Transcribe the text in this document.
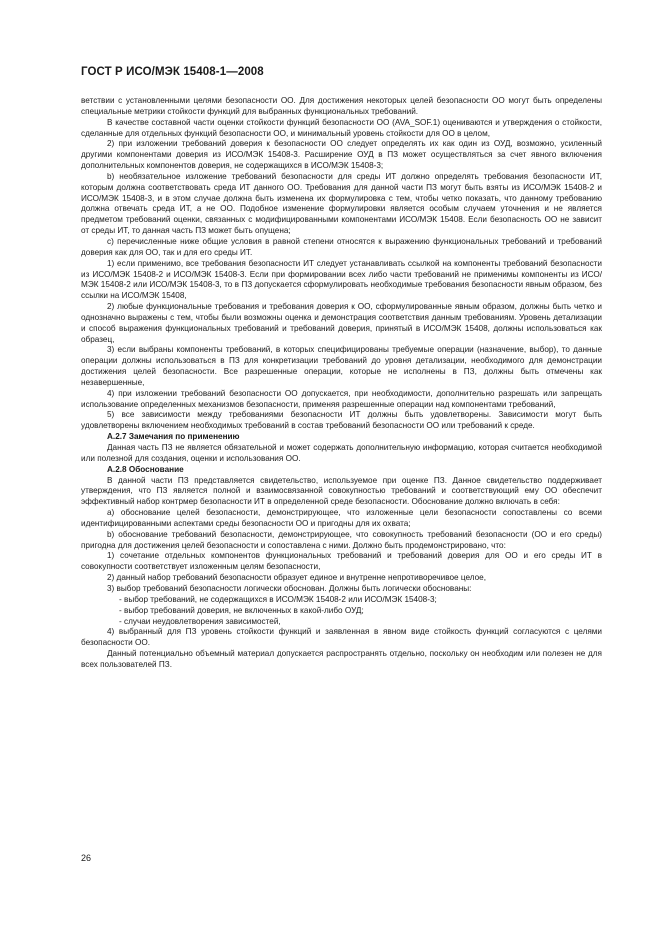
ГОСТ Р ИСО/МЭК 15408-1—2008

ветствии с установленными целями безопасности ОО. Для достижения некоторых целей безопасности ОО могут быть определены специальные метрики стойкости функций для выбранных функциональных требований.

В качестве составной части оценки стойкости функций безопасности ОО (AVA_SOF.1) оцениваются и утверждения о стойкости, сделанные для отдельных функций безопасности ОО, и минимальный уровень стойкости для ОО в целом,

2) при изложении требований доверия к безопасности ОО следует определять их как один из ОУД, возможно, усиленный другими компонентами доверия из ИСО/МЭК 15408-3. Расширение ОУД в ПЗ может осуществляться за счет явного включения дополнительных компонентов доверия, не содержащихся в ИСО/МЭК 15408-3;

b) необязательное изложение требований безопасности для среды ИТ должно определять требования безопасности ИТ, которым должна соответствовать среда ИТ данного ОО. Требования для данной части ПЗ могут быть взяты из ИСО/МЭК 15408-2 и ИСО/МЭК 15408-3, и в этом случае должна быть изменена их формулировка с тем, чтобы четко показать, что данному требованию должна отвечать среда ИТ, а не ОО. Подобное изменение формулировки является особым случаем уточнения и не является предметом требований оценки, связанных с модифицированными компонентами ИСО/МЭК 15408. Если безопасность ОО не зависит от среды ИТ, то данная часть ПЗ может быть опущена;

c) перечисленные ниже общие условия в равной степени относятся к выражению функциональных требований и требований доверия как для ОО, так и для его среды ИТ.

1) если применимо, все требования безопасности ИТ следует устанавливать ссылкой на компоненты требований безопасности из ИСО/МЭК 15408-2 и ИСО/МЭК 15408-3. Если при формировании всех либо части требований не применимы компоненты из ИСО/МЭК 15408-2 или ИСО/МЭК 15408-3, то в ПЗ допускается сформулировать необходимые требования безопасности явным образом, без ссылки на ИСО/МЭК 15408,

2) любые функциональные требования и требования доверия к ОО, сформулированные явным образом, должны быть четко и однозначно выражены с тем, чтобы были возможны оценка и демонстрация соответствия данным требованиям. Уровень детализации и способ выражения функциональных требований и требований доверия, принятый в ИСО/МЭК 15408, должны использоваться как образец,

3) если выбраны компоненты требований, в которых специфицированы требуемые операции (назначение, выбор), то данные операции должны использоваться в ПЗ для конкретизации требований до уровня детализации, необходимого для демонстрации достижения целей безопасности. Все разрешенные операции, которые не исполнены в ПЗ, должны быть отмечены как незавершенные,

4) при изложении требований безопасности ОО допускается, при необходимости, дополнительно разрешать или запрещать использование определенных механизмов безопасности, применяя разрешенные операции над компонентами требований,

5) все зависимости между требованиями безопасности ИТ должны быть удовлетворены. Зависимости могут быть удовлетворены включением необходимых требований в состав требований безопасности ОО или требований к среде.

А.2.7 Замечания по применению

Данная часть ПЗ не является обязательной и может содержать дополнительную информацию, которая считается необходимой или полезной для создания, оценки и использования ОО.

А.2.8 Обоснование

В данной части ПЗ представляется свидетельство, используемое при оценке ПЗ. Данное свидетельство поддерживает утверждения, что ПЗ является полной и взаимосвязанной совокупностью требований и соответствующий ему ОО обеспечит эффективный набор контрмер безопасности ИТ в определенной среде безопасности. Обоснование должно включать в себя:

a) обоснование целей безопасности, демонстрирующее, что изложенные цели безопасности сопоставлены со всеми идентифицированными аспектами среды безопасности ОО и пригодны для их охвата;

b) обоснование требований безопасности, демонстрирующее, что совокупность требований безопасности (ОО и его среды) пригодна для достижения целей безопасности и сопоставлена с ними. Должно быть продемонстрировано, что:

1) сочетание отдельных компонентов функциональных требований и требований доверия для ОО и его среды ИТ в совокупности соответствует изложенным целям безопасности,

2) данный набор требований безопасности образует единое и внутренне непротиворечивое целое,

3) выбор требований безопасности логически обоснован. Должны быть логически обоснованы:

- выбор требований, не содержащихся в ИСО/МЭК 15408-2 или ИСО/МЭК 15408-3;

- выбор требований доверия, не включенных в какой-либо ОУД;

- случаи неудовлетворения зависимостей,

4) выбранный для ПЗ уровень стойкости функций и заявленная в явном виде стойкость функций согласуются с целями безопасности ОО.

Данный потенциально объемный материал допускается распространять отдельно, поскольку он необходим или полезен не для всех пользователей ПЗ.

26
